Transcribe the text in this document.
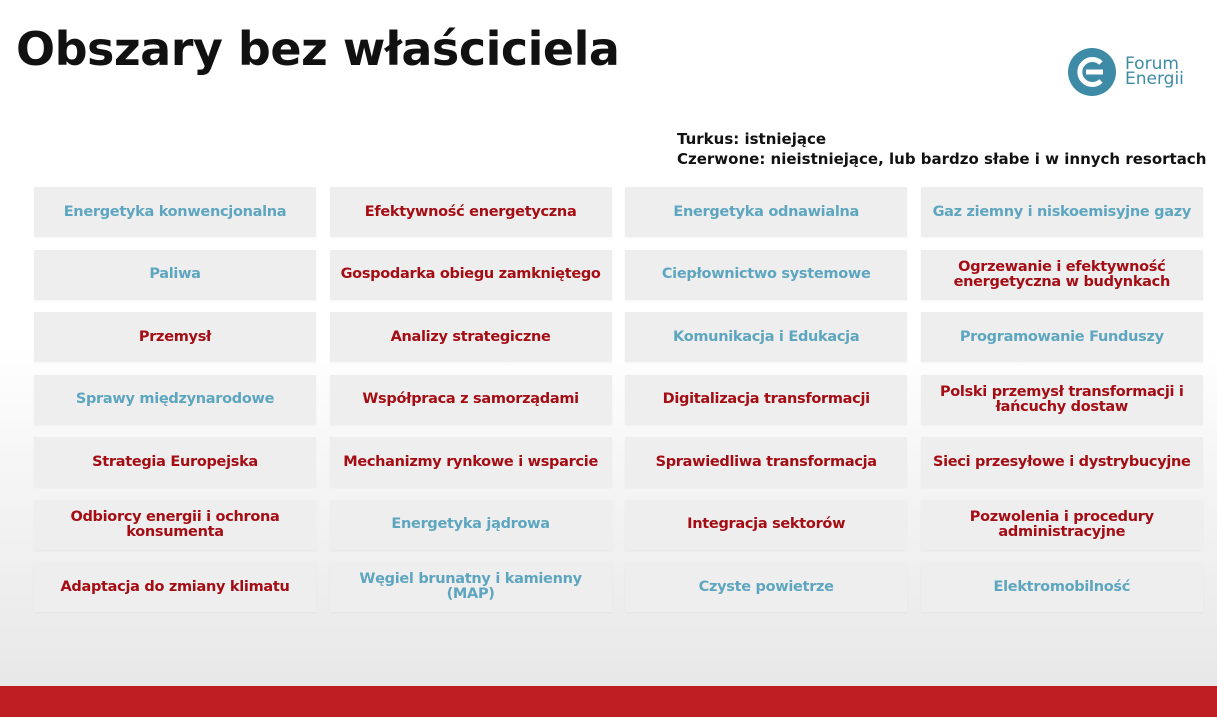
Obszary bez właściciela	Forum
Energii
Turkus: istniejące
Czerwone: nieistniejące, lub bardzo słabe i w innych resortach
Energetyka konwencjonalna	Efektywność energetyczna	Energetyka odnawialna	Gaz ziemny i niskoemisyjne gazy
Paliwa	Gospodarka obiegu zamkniętego	Ciepłownictwo systemowe	Ogrzewanie i efektywność energetyczna w budynkach
Przemysł	Analizy strategiczne	Komunikacja i Edukacja	Programowanie Funduszy
Sprawy międzynarodowe	Współpraca z samorządami	Digitalizacja transformacji	Polski przemysł transformacji i łańcuchy dostaw
Strategia Europejska	Mechanizmy rynkowe i wsparcie	Sprawiedliwa transformacja	Sieci przesyłowe i dystrybucyjne
Odbiorcy energii i ochrona konsumenta	Energetyka jądrowa	Integracja sektorów	Pozwolenia i procedury administracyjne
Adaptacja do zmiany klimatu	Węgiel brunatny i kamienny (MAP)	Czyste powietrze	Elektromobilność
